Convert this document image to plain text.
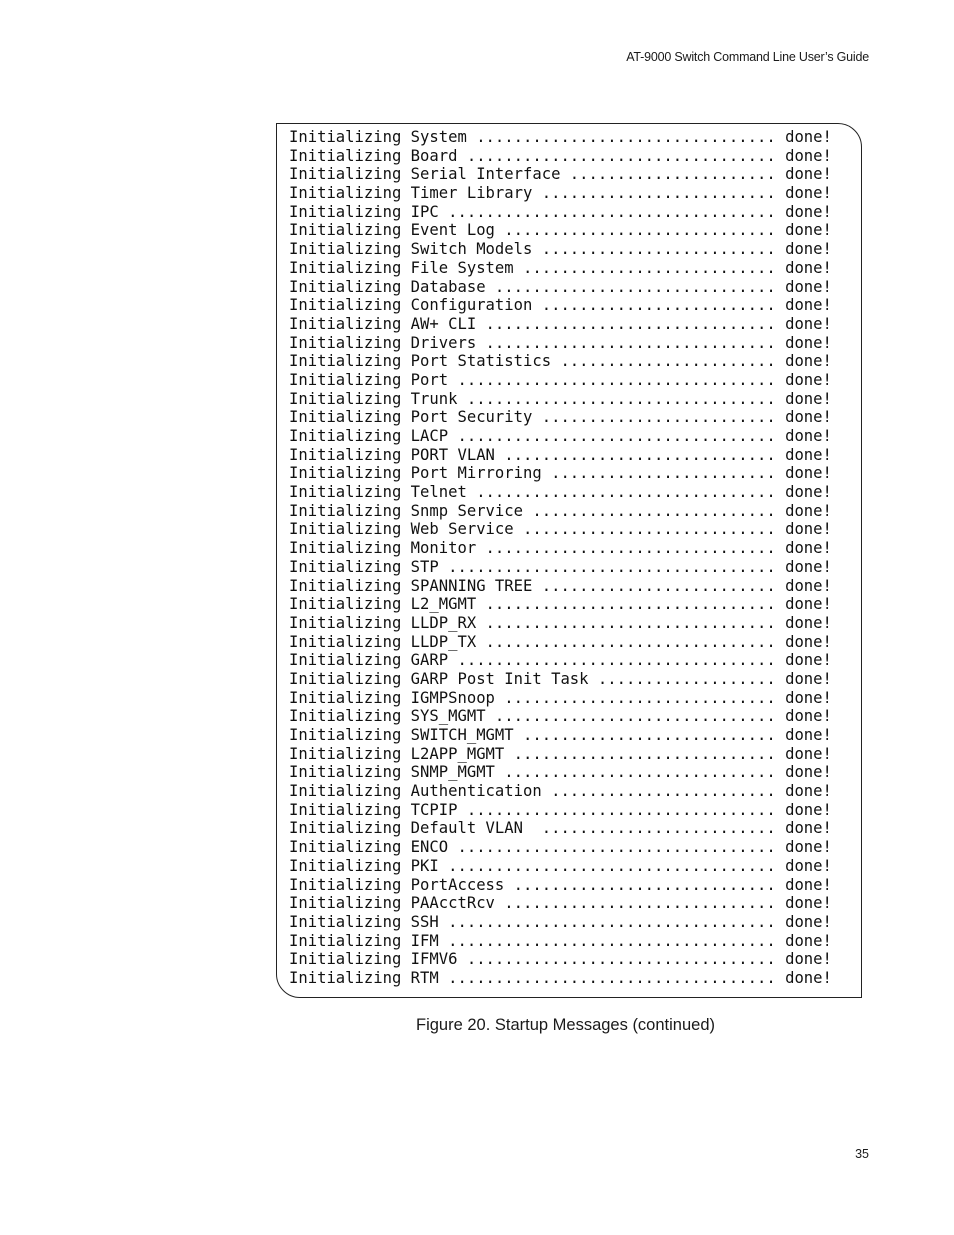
AT-9000 Switch Command Line User’s Guide
Initializing System ................................ done!
Initializing Board ................................. done!
Initializing Serial Interface ...................... done!
Initializing Timer Library ......................... done!
Initializing IPC ................................... done!
Initializing Event Log ............................. done!
Initializing Switch Models ......................... done!
Initializing File System ........................... done!
Initializing Database .............................. done!
Initializing Configuration ......................... done!
Initializing AW+ CLI ............................... done!
Initializing Drivers ............................... done!
Initializing Port Statistics ....................... done!
Initializing Port .................................. done!
Initializing Trunk ................................. done!
Initializing Port Security ......................... done!
Initializing LACP .................................. done!
Initializing PORT VLAN ............................. done!
Initializing Port Mirroring ........................ done!
Initializing Telnet ................................ done!
Initializing Snmp Service .......................... done!
Initializing Web Service ........................... done!
Initializing Monitor ............................... done!
Initializing STP ................................... done!
Initializing SPANNING TREE ......................... done!
Initializing L2_MGMT ............................... done!
Initializing LLDP_RX ............................... done!
Initializing LLDP_TX ............................... done!
Initializing GARP .................................. done!
Initializing GARP Post Init Task ................... done!
Initializing IGMPSnoop ............................. done!
Initializing SYS_MGMT .............................. done!
Initializing SWITCH_MGMT ........................... done!
Initializing L2APP_MGMT ............................ done!
Initializing SNMP_MGMT ............................. done!
Initializing Authentication ........................ done!
Initializing TCPIP ................................. done!
Initializing Default VLAN  ......................... done!
Initializing ENCO .................................. done!
Initializing PKI ................................... done!
Initializing PortAccess ............................ done!
Initializing PAAcctRcv ............................. done!
Initializing SSH ................................... done!
Initializing IFM ................................... done!
Initializing IFMV6 ................................. done!
Initializing RTM ................................... done!
Figure 20. Startup Messages (continued)
35
